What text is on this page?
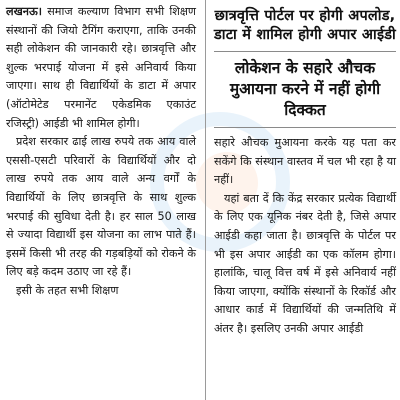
लखनऊ। समाज कल्याण विभाग सभी शिक्षण संस्थानों की जियो टैगिंग कराएगा, ताकि उनकी सही लोकेशन की जानकारी रहे। छात्रवृत्ति और शुल्क भरपाई योजना में इसे अनिवार्य किया जाएगा। साथ ही विद्यार्थियों के डाटा में अपार (ऑटोमेटेड परमानेंट एकेडमिक एकाउंट रजिस्ट्री) आईडी भी शामिल होगी।

प्रदेश सरकार ढाई लाख रुपये तक आय वाले एससी-एसटी परिवारों के विद्यार्थियों और दो लाख रुपये तक आय वाले अन्य वर्गों के विद्यार्थियों के लिए छात्रवृत्ति के साथ शुल्क भरपाई की सुविधा देती है। हर साल 50 लाख से ज्यादा विद्यार्थी इस योजना का लाभ पाते हैं। इसमें किसी भी तरह की गड़बड़ियों को रोकने के लिए बड़े कदम उठाए जा रहे हैं।

इसी के तहत सभी शिक्षण

छात्रवृत्ति पोर्टल पर होगी अपलोड, डाटा में शामिल होगी अपार आईडी

लोकेशन के सहारे औचक मुआयना करने में नहीं होगी दिक्कत

सहारे औचक मुआयना करके यह पता कर सकेंगे कि संस्थान वास्तव में चल भी रहा है या नहीं।

यहां बता दें कि केंद्र सरकार प्रत्येक विद्यार्थी के लिए एक यूनिक नंबर देती है, जिसे अपार आईडी कहा जाता है। छात्रवृत्ति के पोर्टल पर भी इस अपार आईडी का एक कॉलम होगा। हालांकि, चालू वित्त वर्ष में इसे अनिवार्य नहीं किया जाएगा, क्योंकि संस्थानों के रिकॉर्ड और आधार कार्ड में विद्यार्थियों की जन्मतिथि में अंतर है। इसलिए उनकी अपार आईडी
